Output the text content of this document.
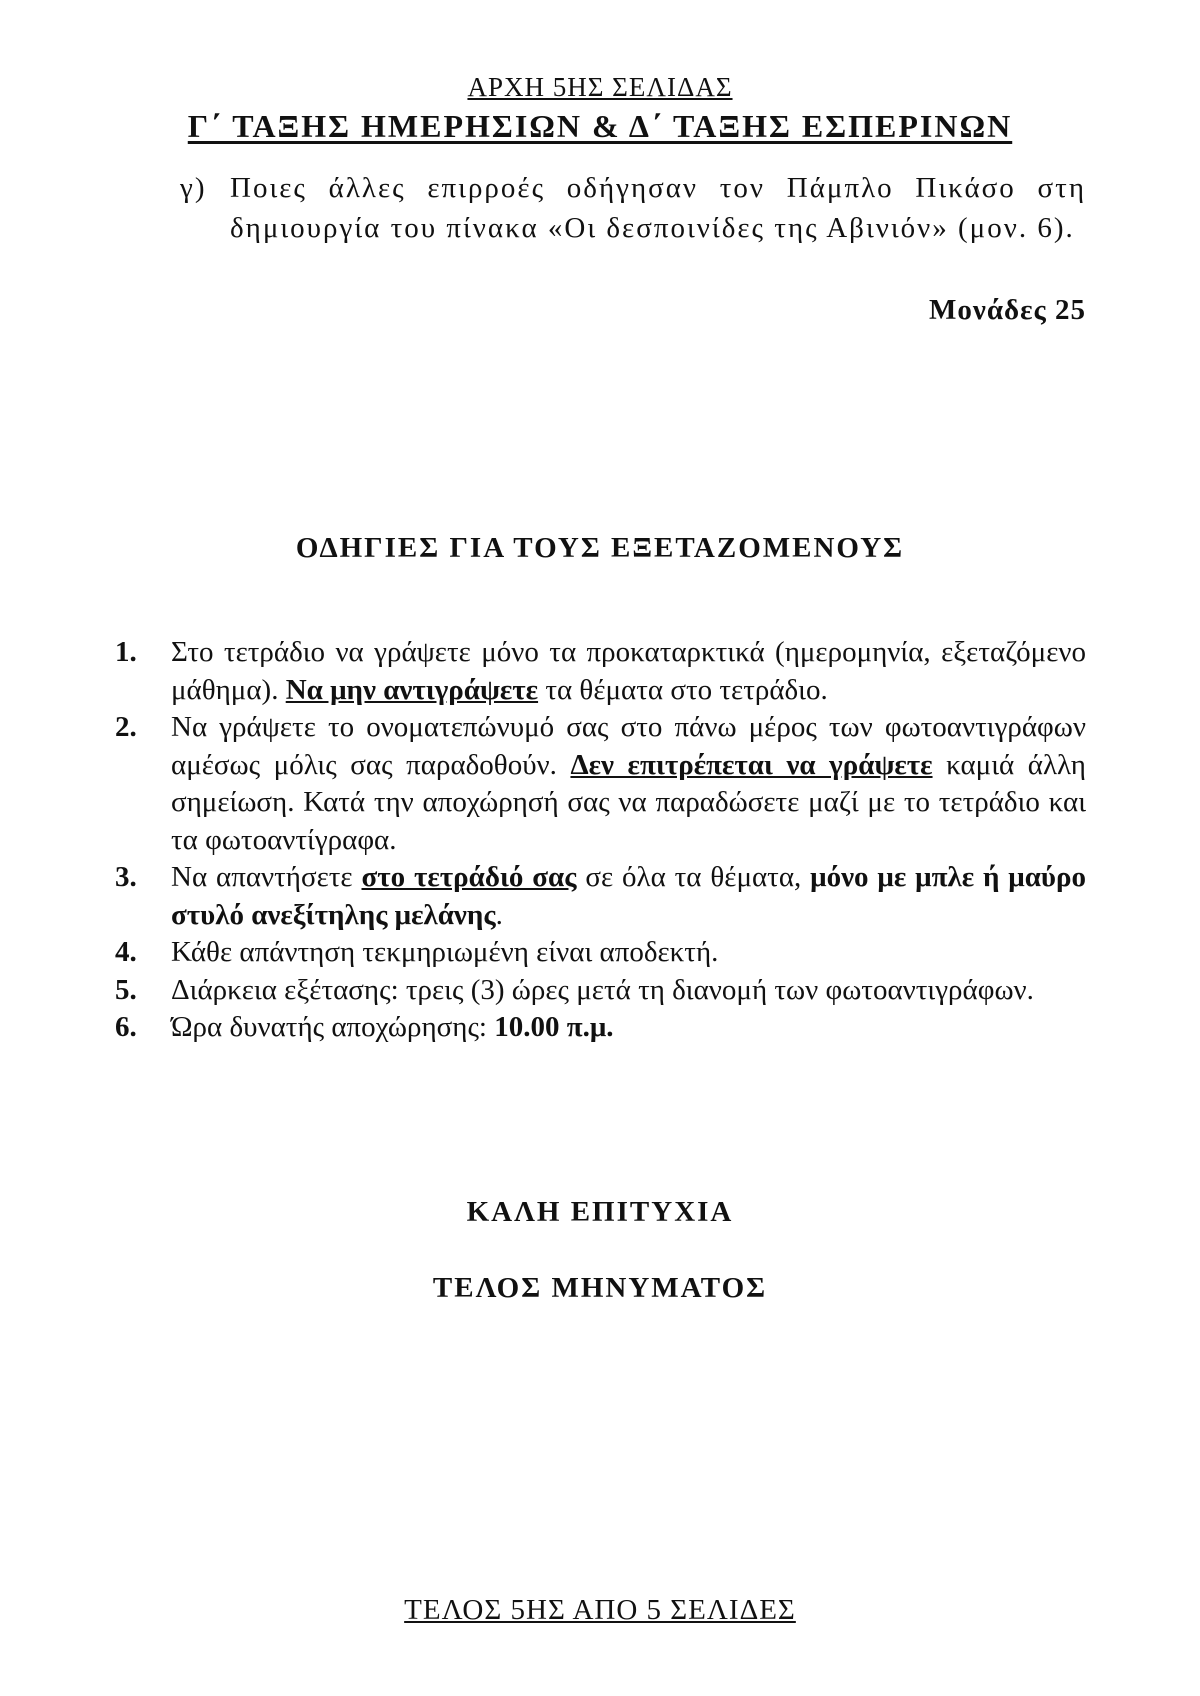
ΑΡΧΗ 5ΗΣ ΣΕΛΙΔΑΣ
Γ΄ ΤΑΞΗΣ ΗΜΕΡΗΣΙΩΝ & Δ΄ ΤΑΞΗΣ ΕΣΠΕΡΙΝΩΝ
γ) Ποιες άλλες επιρροές οδήγησαν τον Πάμπλο Πικάσο στη δημιουργία του πίνακα «Οι δεσποινίδες της Αβινιόν» (μον. 6).
Μονάδες 25
ΟΔΗΓΙΕΣ ΓΙΑ ΤΟΥΣ ΕΞΕΤΑΖΟΜΕΝΟΥΣ
1.	Στο τετράδιο να γράψετε μόνο τα προκαταρκτικά (ημερομηνία, εξεταζόμενο μάθημα). Να μην αντιγράψετε τα θέματα στο τετράδιο.
2.	Να γράψετε το ονοματεπώνυμό σας στο πάνω μέρος των φωτοαντιγράφων αμέσως μόλις σας παραδοθούν. Δεν επιτρέπεται να γράψετε καμιά άλλη σημείωση. Κατά την αποχώρησή σας να παραδώσετε μαζί με το τετράδιο και τα φωτοαντίγραφα.
3.	Να απαντήσετε στο τετράδιό σας σε όλα τα θέματα, μόνο με μπλε ή μαύρο στυλό ανεξίτηλης μελάνης.
4.	Κάθε απάντηση τεκμηριωμένη είναι αποδεκτή.
5.	Διάρκεια εξέτασης: τρεις (3) ώρες μετά τη διανομή των φωτοαντιγράφων.
6.	Ώρα δυνατής αποχώρησης: 10.00 π.μ.
ΚΑΛΗ ΕΠΙΤΥΧΙΑ
ΤΕΛΟΣ ΜΗΝΥΜΑΤΟΣ
ΤΕΛΟΣ 5ΗΣ ΑΠΟ 5 ΣΕΛΙΔΕΣ
